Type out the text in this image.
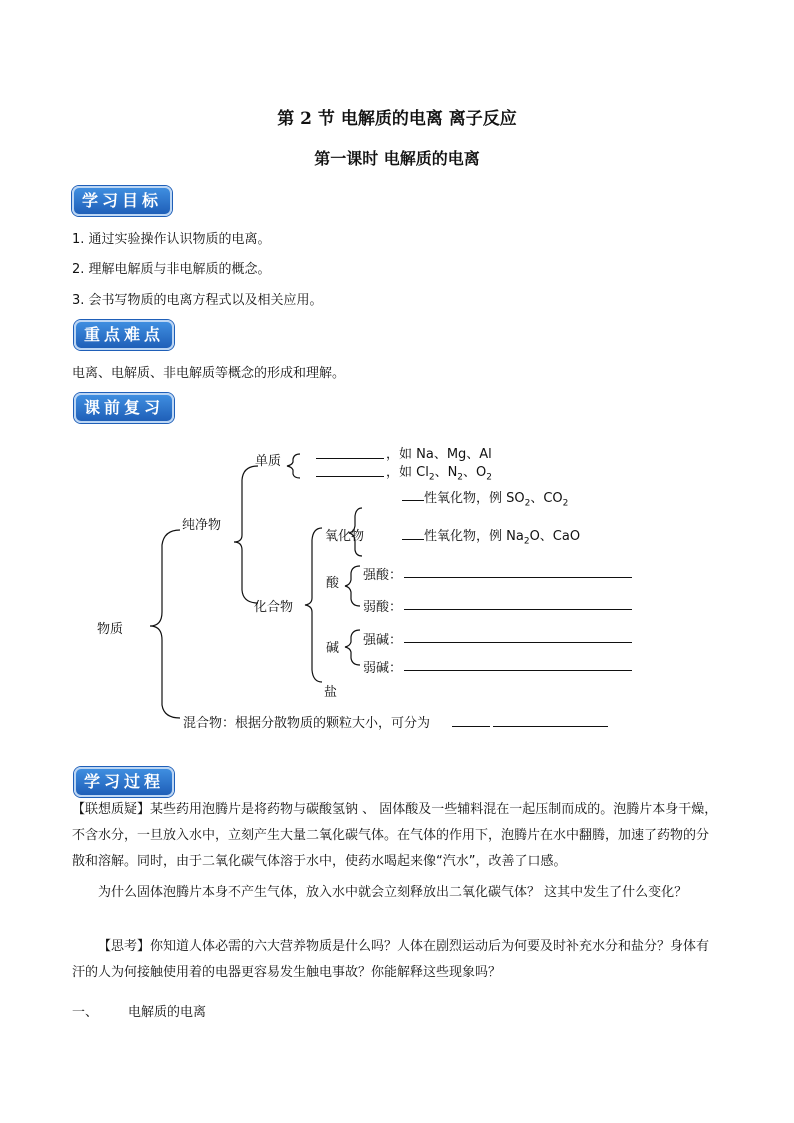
第 2 节 电解质的电离 离子反应
第一课时 电解质的电离
学习目标
1. 通过实验操作认识物质的电离。
2. 理解电解质与非电解质的概念。
3. 会书写物质的电离方程式以及相关应用。
重点难点
电离、电解质、非电解质等概念的形成和理解。
课前复习
物质
纯净物
单质	，如 Na、Mg、Al
，如 $Cl_2$、$N_2$、$O_2$
性氧化物，例 $SO_2$、$CO_2$
氧化物	性氧化物，例 $Na_2O$、CaO
化合物
酸
强酸：
弱酸：
碱
强碱：
弱碱：
盐
混合物：根据分散物质的颗粒大小，可分为
学习过程
【联想质疑】某些药用泡腾片是将药物与碳酸氢钠 、 固体酸及一些辅料混在一起压制而成的。泡腾片本身干燥，不含水分，一旦放入水中，立刻产生大量二氧化碳气体。在气体的作用下，泡腾片在水中翻腾，加速了药物的分散和溶解。同时，由于二氧化碳气体溶于水中，使药水喝起来像“汽水”，改善了口感。
为什么固体泡腾片本身不产生气体，放入水中就会立刻释放出二氧化碳气体？ 这其中发生了什么变化？
【思考】你知道人体必需的六大营养物质是什么吗？人体在剧烈运动后为何要及时补充水分和盐分？身体有汗的人为何接触使用着的电器更容易发生触电事故？你能解释这些现象吗？
一、 电解质的电离
